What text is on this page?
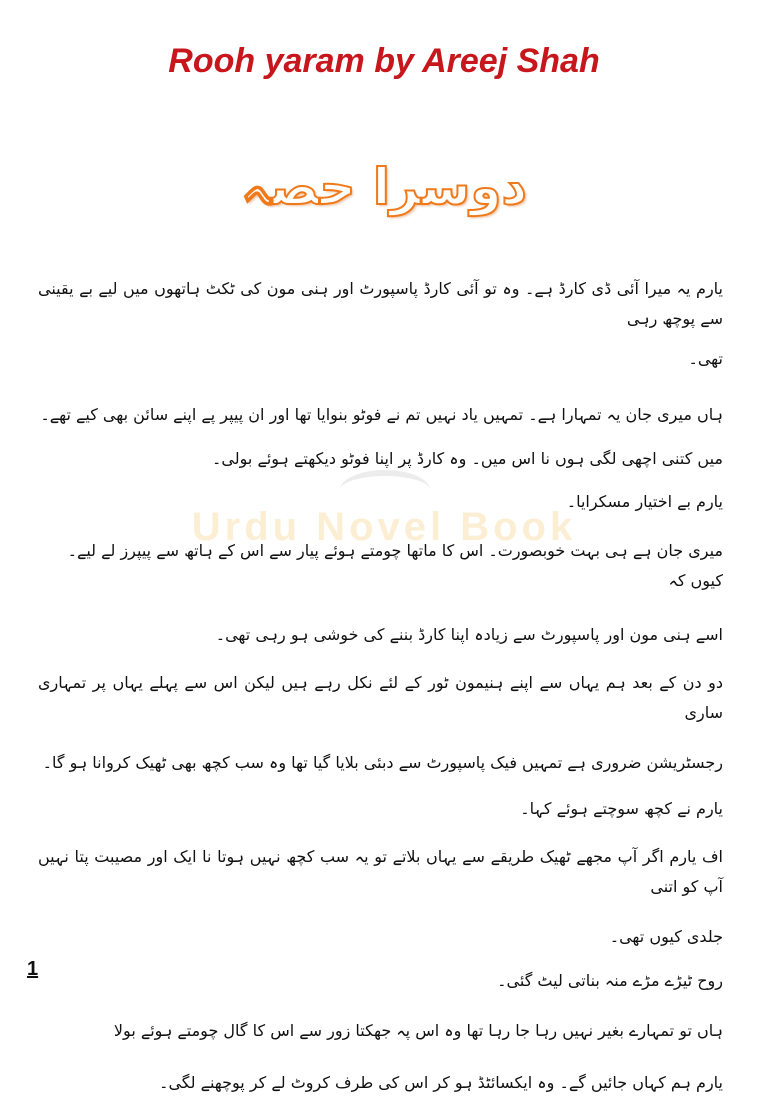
Rooh yaram by Areej Shah
دوسرا حصہ
Urdu Novel Book
یارم یہ میرا آئی ڈی کارڈ ہے۔ وہ تو آئی کارڈ پاسپورٹ اور ہنی مون کی ٹکٹ ہاتھوں میں لیے بے یقینی سے پوچھ رہی
تھی۔
ہاں میری جان یہ تمہارا ہے۔ تمہیں یاد نہیں تم نے فوٹو بنوایا تھا اور ان پیپر پے اپنے سائن بھی کیے تھے۔
میں کتنی اچھی لگی ہوں نا اس میں۔ وہ کارڈ پر اپنا فوٹو دیکھتے ہوئے بولی۔
یارم بے اختیار مسکرایا۔
میری جان ہے ہی بہت خوبصورت۔ اس کا ماتھا چومتے ہوئے پیار سے اس کے ہاتھ سے پیپرز لے لیے۔ کیوں کہ
اسے ہنی مون اور پاسپورٹ سے زیادہ اپنا کارڈ بننے کی خوشی ہو رہی تھی۔
دو دن کے بعد ہم یہاں سے اپنے ہنیمون ٹور کے لئے نکل رہے ہیں لیکن اس سے پہلے یہاں پر تمہاری ساری
رجسٹریشن ضروری ہے تمہیں فیک پاسپورٹ سے دبئی بلایا گیا تھا وہ سب کچھ بھی ٹھیک کروانا ہو گا۔
یارم نے کچھ سوچتے ہوئے کہا۔
اف یارم اگر آپ مجھے ٹھیک طریقے سے یہاں بلاتے تو یہ سب کچھ نہیں ہوتا نا ایک اور مصیبت پتا نہیں آپ کو اتنی
جلدی کیوں تھی۔
روح ٹیڑے مڑے منہ بناتی لیٹ گئی۔
ہاں تو تمہارے بغیر نہیں رہا جا رہا تھا وہ اس پہ جھکتا زور سے اس کا گال چومتے ہوئے بولا
یارم ہم کہاں جائیں گے۔ وہ ایکسائٹڈ ہو کر اس کی طرف کروٹ لے کر پوچھنے لگی۔
1
